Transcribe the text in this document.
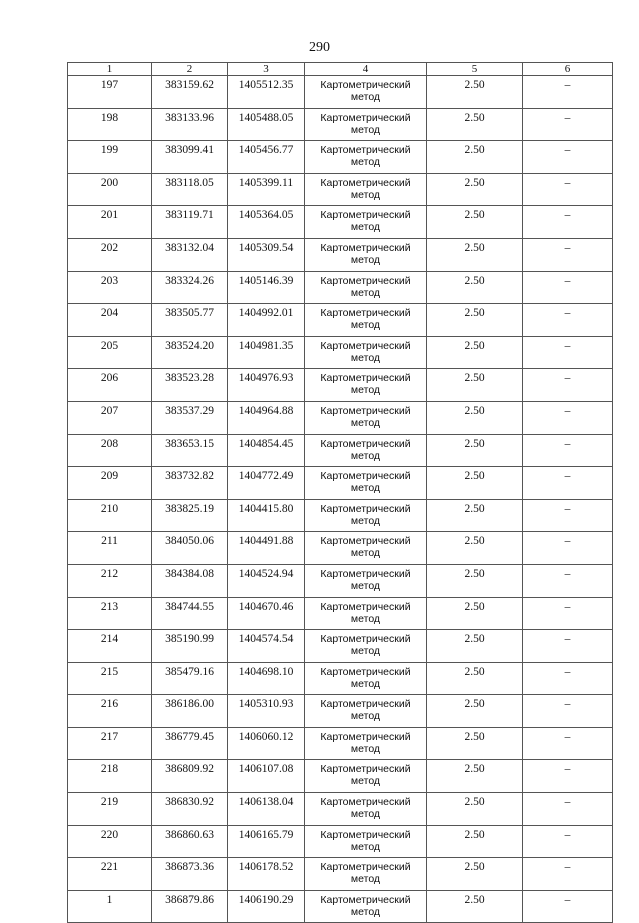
290
1	2	3	4	5	6
197	383159.62	1405512.35	Картометрический метод	2.50	–
198	383133.96	1405488.05	Картометрический метод	2.50	–
199	383099.41	1405456.77	Картометрический метод	2.50	–
200	383118.05	1405399.11	Картометрический метод	2.50	–
201	383119.71	1405364.05	Картометрический метод	2.50	–
202	383132.04	1405309.54	Картометрический метод	2.50	–
203	383324.26	1405146.39	Картометрический метод	2.50	–
204	383505.77	1404992.01	Картометрический метод	2.50	–
205	383524.20	1404981.35	Картометрический метод	2.50	–
206	383523.28	1404976.93	Картометрический метод	2.50	–
207	383537.29	1404964.88	Картометрический метод	2.50	–
208	383653.15	1404854.45	Картометрический метод	2.50	–
209	383732.82	1404772.49	Картометрический метод	2.50	–
210	383825.19	1404415.80	Картометрический метод	2.50	–
211	384050.06	1404491.88	Картометрический метод	2.50	–
212	384384.08	1404524.94	Картометрический метод	2.50	–
213	384744.55	1404670.46	Картометрический метод	2.50	–
214	385190.99	1404574.54	Картометрический метод	2.50	–
215	385479.16	1404698.10	Картометрический метод	2.50	–
216	386186.00	1405310.93	Картометрический метод	2.50	–
217	386779.45	1406060.12	Картометрический метод	2.50	–
218	386809.92	1406107.08	Картометрический метод	2.50	–
219	386830.92	1406138.04	Картометрический метод	2.50	–
220	386860.63	1406165.79	Картометрический метод	2.50	–
221	386873.36	1406178.52	Картометрический метод	2.50	–
1	386879.86	1406190.29	Картометрический метод	2.50	–
